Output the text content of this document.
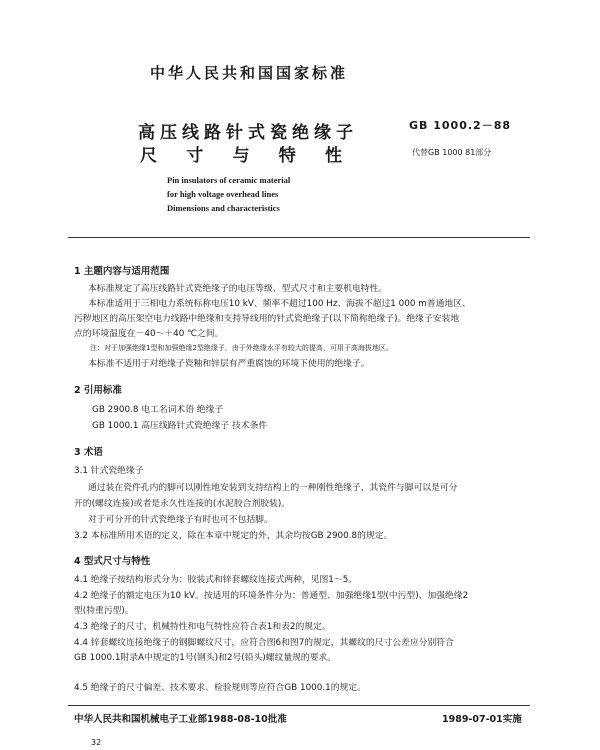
中华人民共和国国家标准
高压线路针式瓷绝缘子
尺 寸 与 特 性
GB 1000.2－88
代替GB 1000 81部分
Pin insulators of ceramic material
for high voltage overhead lines
Dimensions and characteristics
1 主题内容与适用范围
本标准规定了高压线路针式瓷绝缘子的电压等级、型式尺寸和主要机电特性。
本标准适用于三相电力系统标称电压10 kV、频率不超过100 Hz、海拔不超过1 000 m普通地区、
污秽地区的高压架空电力线路中绝缘和支持导线用的针式瓷绝缘子(以下简称绝缘子)。绝缘子安装地
点的环境温度在－40～＋40 ℃之间。
注：对于加强绝缘1型和加强绝缘2型绝缘子，由于外绝缘水平有较大的提高，可用于高海拔地区。
本标准不适用于对绝缘子瓷釉和锌层有严重腐蚀的环境下使用的绝缘子。
2 引用标准
GB 2900.8 电工名词术语 绝缘子
GB 1000.1 高压线路针式瓷绝缘子 技术条件
3 术语
3.1 针式瓷绝缘子
通过装在瓷件孔内的脚可以刚性地安装到支持结构上的一种刚性绝缘子，其瓷件与脚可以是可分
开的(螺纹连接)或者是永久性连接的(水泥胶合剂胶装)。
对于可分开的针式瓷绝缘子有时也可不包括脚。
3.2 本标准所用术语的定义，除在本章中规定的外，其余均按GB 2900.8的规定。
4 型式尺寸与特性
4.1 绝缘子按结构形式分为：胶装式和锌套螺纹连接式两种，见图1～5。
4.2 绝缘子的额定电压为10 kV。按适用的环境条件分为：普通型、加强绝缘1型(中污型)、加强绝缘2
型(特重污型)。
4.3 绝缘子的尺寸，机械特性和电气特性应符合表1和表2的规定。
4.4 锌套螺纹连接绝缘子的钢脚螺纹尺寸，应符合图6和图7的规定，其螺纹的尺寸公差应分别符合
GB 1000.1附录A中规定的1号(钢头)和2号(铅头)螺纹量规的要求。
4.5 绝缘子的尺寸偏差、技术要求、检验规则等应符合GB 1000.1的规定。
中华人民共和国机械电子工业部1988-08-10批准	1989-07-01实施
32
